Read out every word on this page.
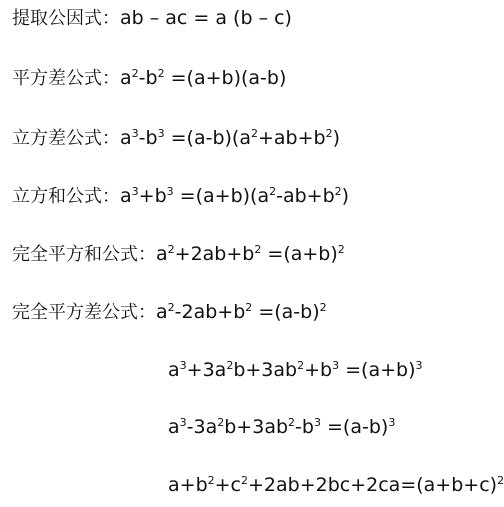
提取公因式：ab – ac = a (b – c)
平方差公式：$a^2-b^2 =(a+b)(a-b)$
立方差公式：$a^3-b^3 =(a-b)(a^2+ab+b^2)$
立方和公式：$a^3+b^3 =(a+b)(a^2-ab+b^2)$
完全平方和公式：$a^2+2ab+b^2 =(a+b)^2$
完全平方差公式：$a^2-2ab+b^2 =(a-b)^2$
$a^3+3a^2b+3ab^2+b^3 =(a+b)^3$
$a^3-3a^2b+3ab^2-b^3 =(a-b)^3$
$a+b^2+c^2+2ab+2bc+2ca=(a+b+c)^2$
